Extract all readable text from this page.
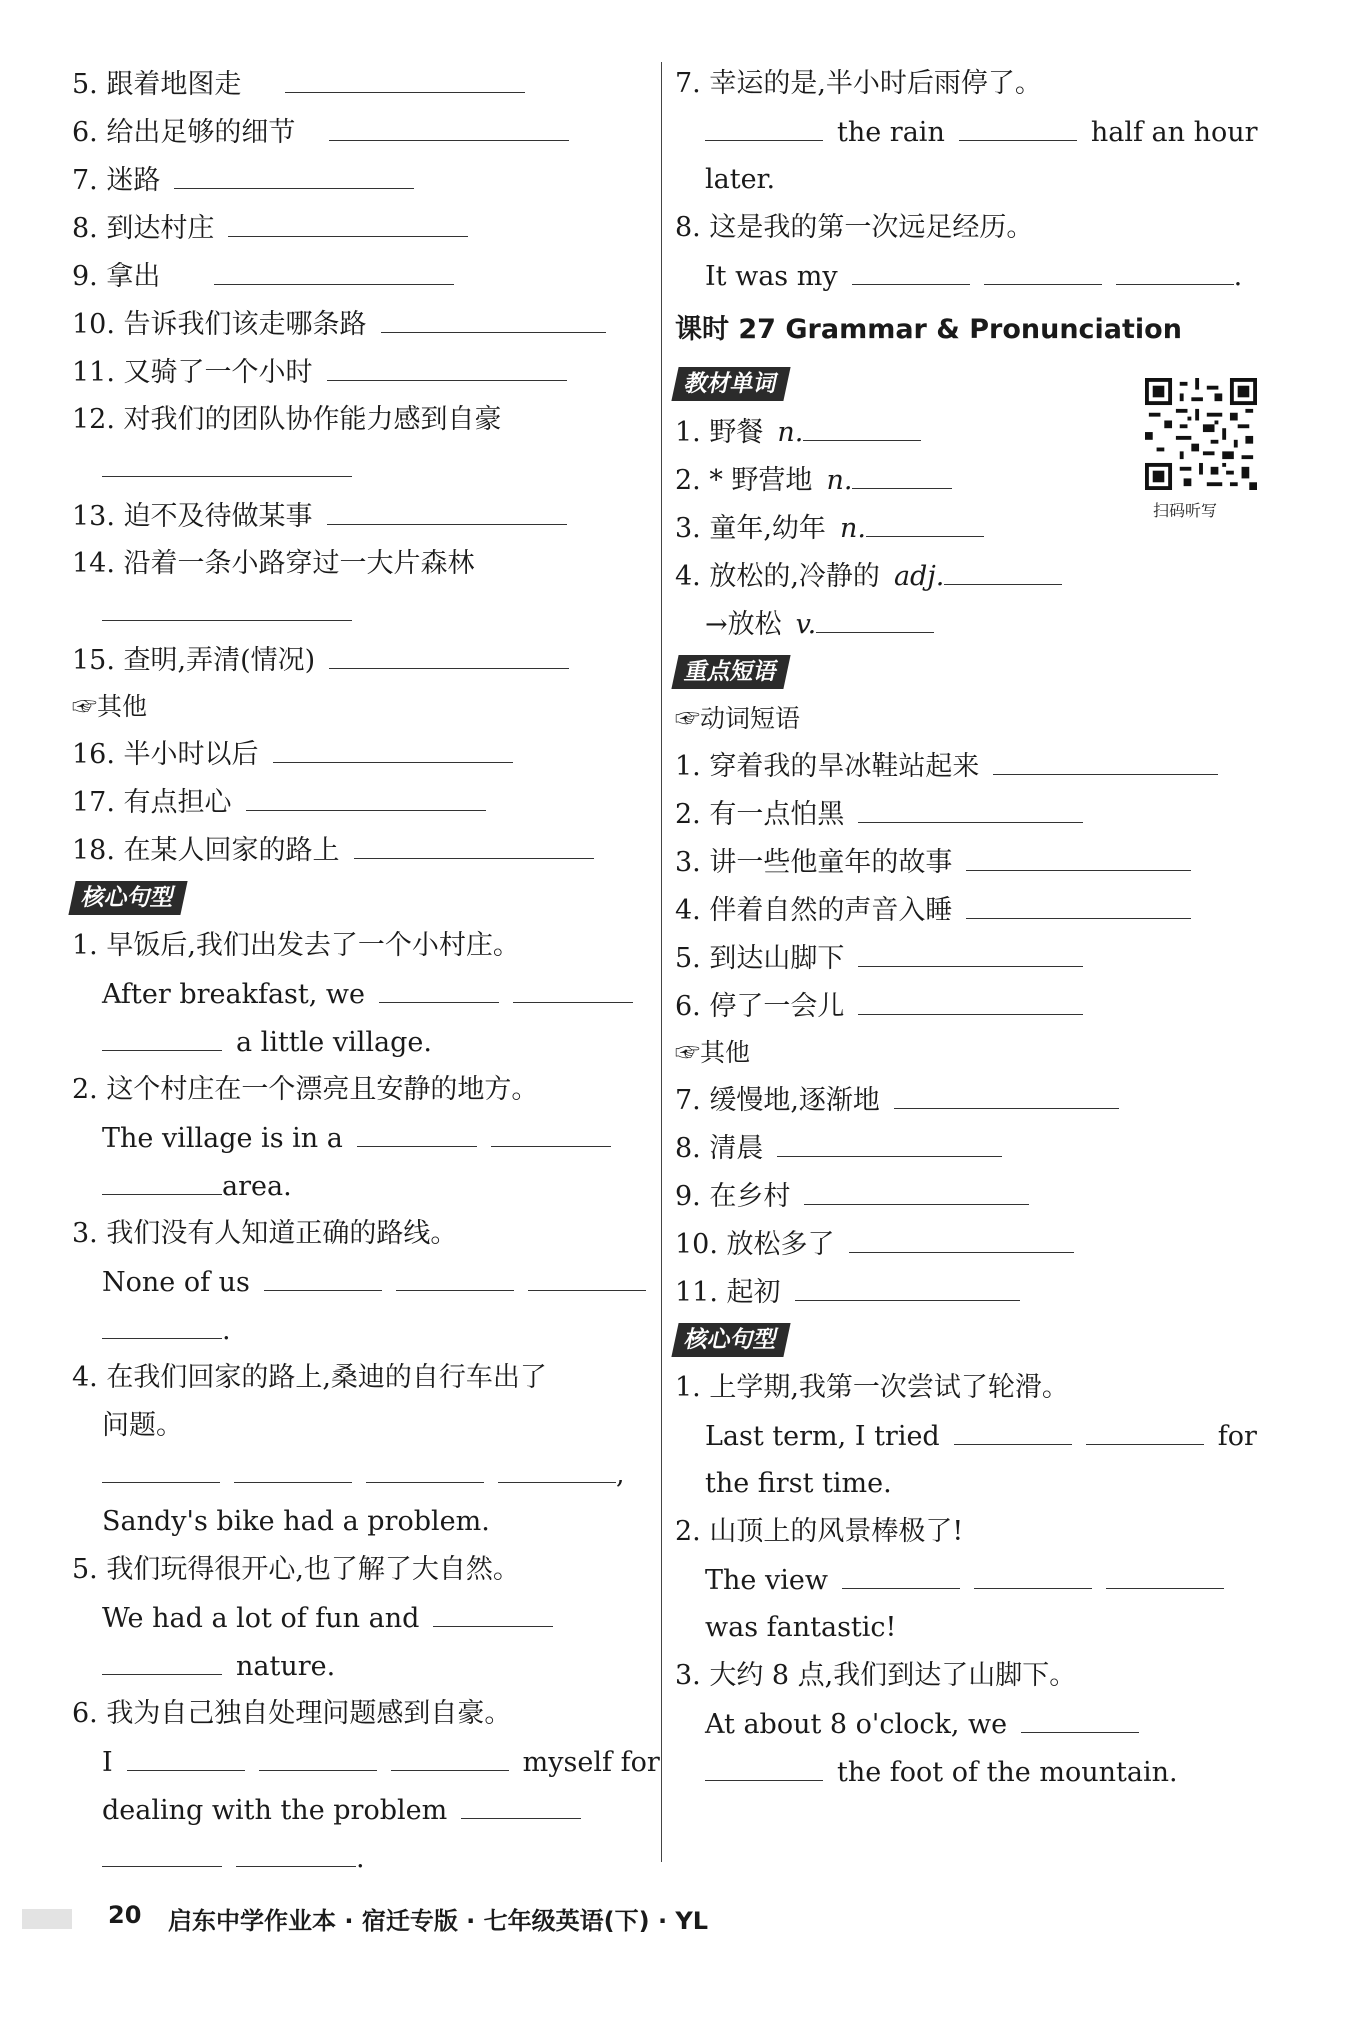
5. 跟着地图走
6. 给出足够的细节
7. 迷路
8. 到达村庄
9. 拿出
10. 告诉我们该走哪条路
11. 又骑了一个小时
12. 对我们的团队协作能力感到自豪
13. 迫不及待做某事
14. 沿着一条小路穿过一大片森林
15. 查明,弄清(情况)
☞其他
16. 半小时以后
17. 有点担心
18. 在某人回家的路上
核心句型
1. 早饭后,我们出发去了一个小村庄。
After breakfast, we
a little village.
2. 这个村庄在一个漂亮且安静的地方。
The village is in a
area.
3. 我们没有人知道正确的路线。
None of us
.
4. 在我们回家的路上,桑迪的自行车出了
问题。
,
Sandy's bike had a problem.
5. 我们玩得很开心,也了解了大自然。
We had a lot of fun and
nature.
6. 我为自己独自处理问题感到自豪。
I	myself for
dealing with the problem
.
7. 幸运的是,半小时后雨停了。
the rain	half an hour
later.
8. 这是我的第一次远足经历。
It was my	.
课时 27 Grammar & Pronunciation
教材单词
1. 野餐 n.
2. * 野营地 n.
3. 童年,幼年 n.
4. 放松的,冷静的 adj.
→放松 v.
重点短语
☞动词短语
1. 穿着我的旱冰鞋站起来
2. 有一点怕黑
3. 讲一些他童年的故事
4. 伴着自然的声音入睡
5. 到达山脚下
6. 停了一会儿
☞其他
7. 缓慢地,逐渐地
8. 清晨
9. 在乡村
10. 放松多了
11. 起初
核心句型
1. 上学期,我第一次尝试了轮滑。
Last term, I tried	for
the first time.
2. 山顶上的风景棒极了!
The view
was fantastic!
3. 大约 8 点,我们到达了山脚下。
At about 8 o'clock, we
the foot of the mountain.
扫码听写
20 启东中学作业本 · 宿迁专版 · 七年级英语(下) · YL
